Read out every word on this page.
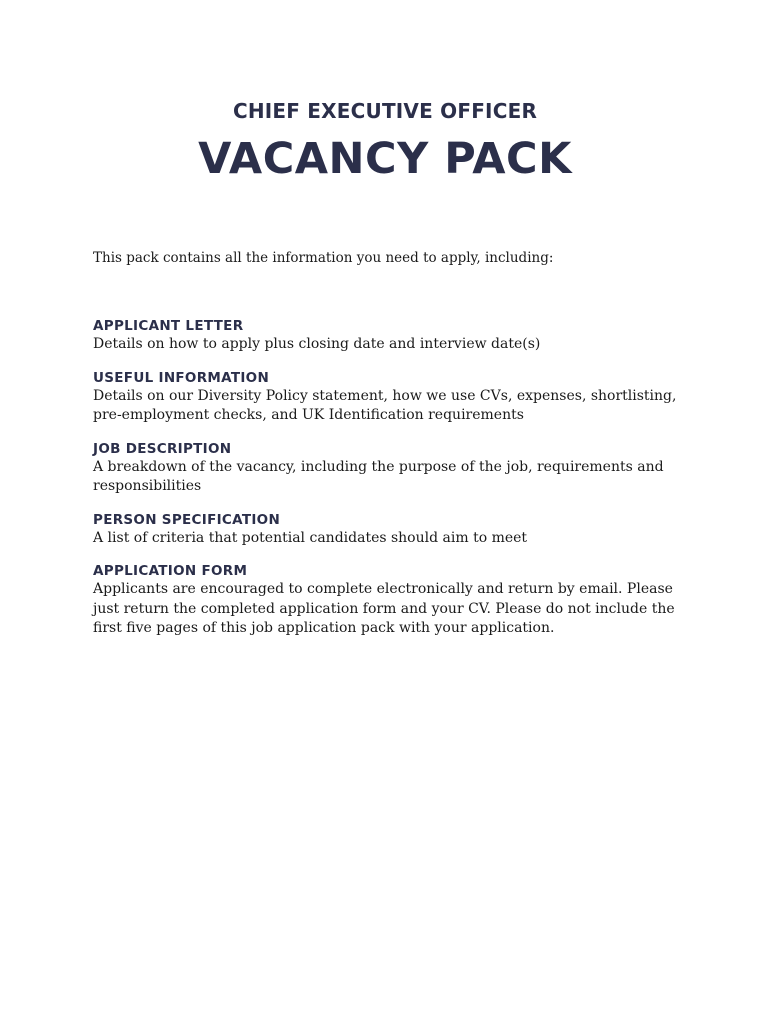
CHIEF EXECUTIVE OFFICER
VACANCY PACK
This pack contains all the information you need to apply, including:
APPLICANT LETTER
Details on how to apply plus closing date and interview date(s)
USEFUL INFORMATION
Details on our Diversity Policy statement, how we use CVs, expenses, shortlisting, pre-employment checks, and UK Identification requirements
JOB DESCRIPTION
A breakdown of the vacancy, including the purpose of the job, requirements and responsibilities
PERSON SPECIFICATION
A list of criteria that potential candidates should aim to meet
APPLICATION FORM
Applicants are encouraged to complete electronically and return by email. Please just return the completed application form and your CV. Please do not include the first five pages of this job application pack with your application.
